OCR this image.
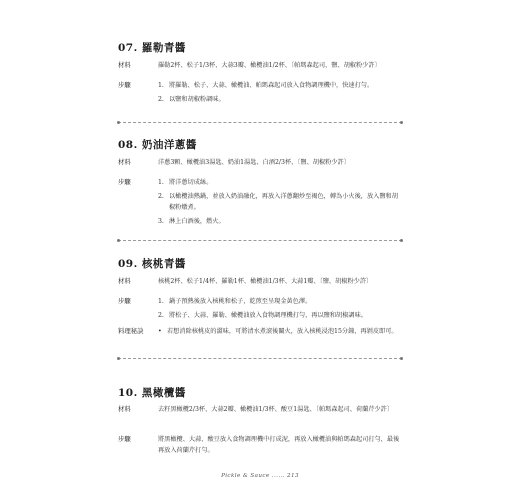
07. 羅勒青醬
材料	羅勒2杯、松子1/3杯、大蒜3瓣、橄欖油1/2杯、〔帕瑪森起司、鹽、胡椒粉少許〕
步驟	1. 將羅勒、松子、大蒜、橄欖油、帕瑪森起司放入食物調理機中，快速打勻。
2. 以鹽和胡椒粉調味。
08. 奶油洋蔥醬
材料	洋蔥3顆、橄欖油3湯匙、奶油1湯匙、白酒2/3杯、〔鹽、胡椒粉少許〕
步驟	1. 將洋蔥切成絲。
2. 以橄欖油熱鍋，並放入奶油融化，再放入洋蔥翻炒至褐色，轉為小火後，放入鹽和胡椒粉燉煮。
3. 淋上白酒後，燃火。
09. 核桃青醬
材料	核桃2杯、松子1/4杯、羅勒1杯、橄欖油1/3杯、大蒜1瓣、〔鹽、胡椒粉少許〕
步驟	1. 鍋子預熱後放入核桃和松子，乾煎至呈現金黃色澤。
2. 將松子、大蒜、羅勒、橄欖油放入食物調理機打勻，再以鹽和胡椒調味。
料理秘訣	• 若想消除核桃皮的澀味，可將清水煮滾後關火，放入核桃浸泡15分鐘，再剝皮即可。
10. 黑橄欖醬
材料	去籽黑橄欖2/3杯、大蒜2瓣、橄欖油1/3杯、酸豆1湯匙、〔帕瑪森起司、荷蘭芹少許〕
步驟	將黑橄欖、大蒜、酸豆放入食物調理機中打成泥，再放入橄欖油與帕瑪森起司打勻，最後再放入荷蘭芹打勻。
Pickle & Sauce ...... 213
